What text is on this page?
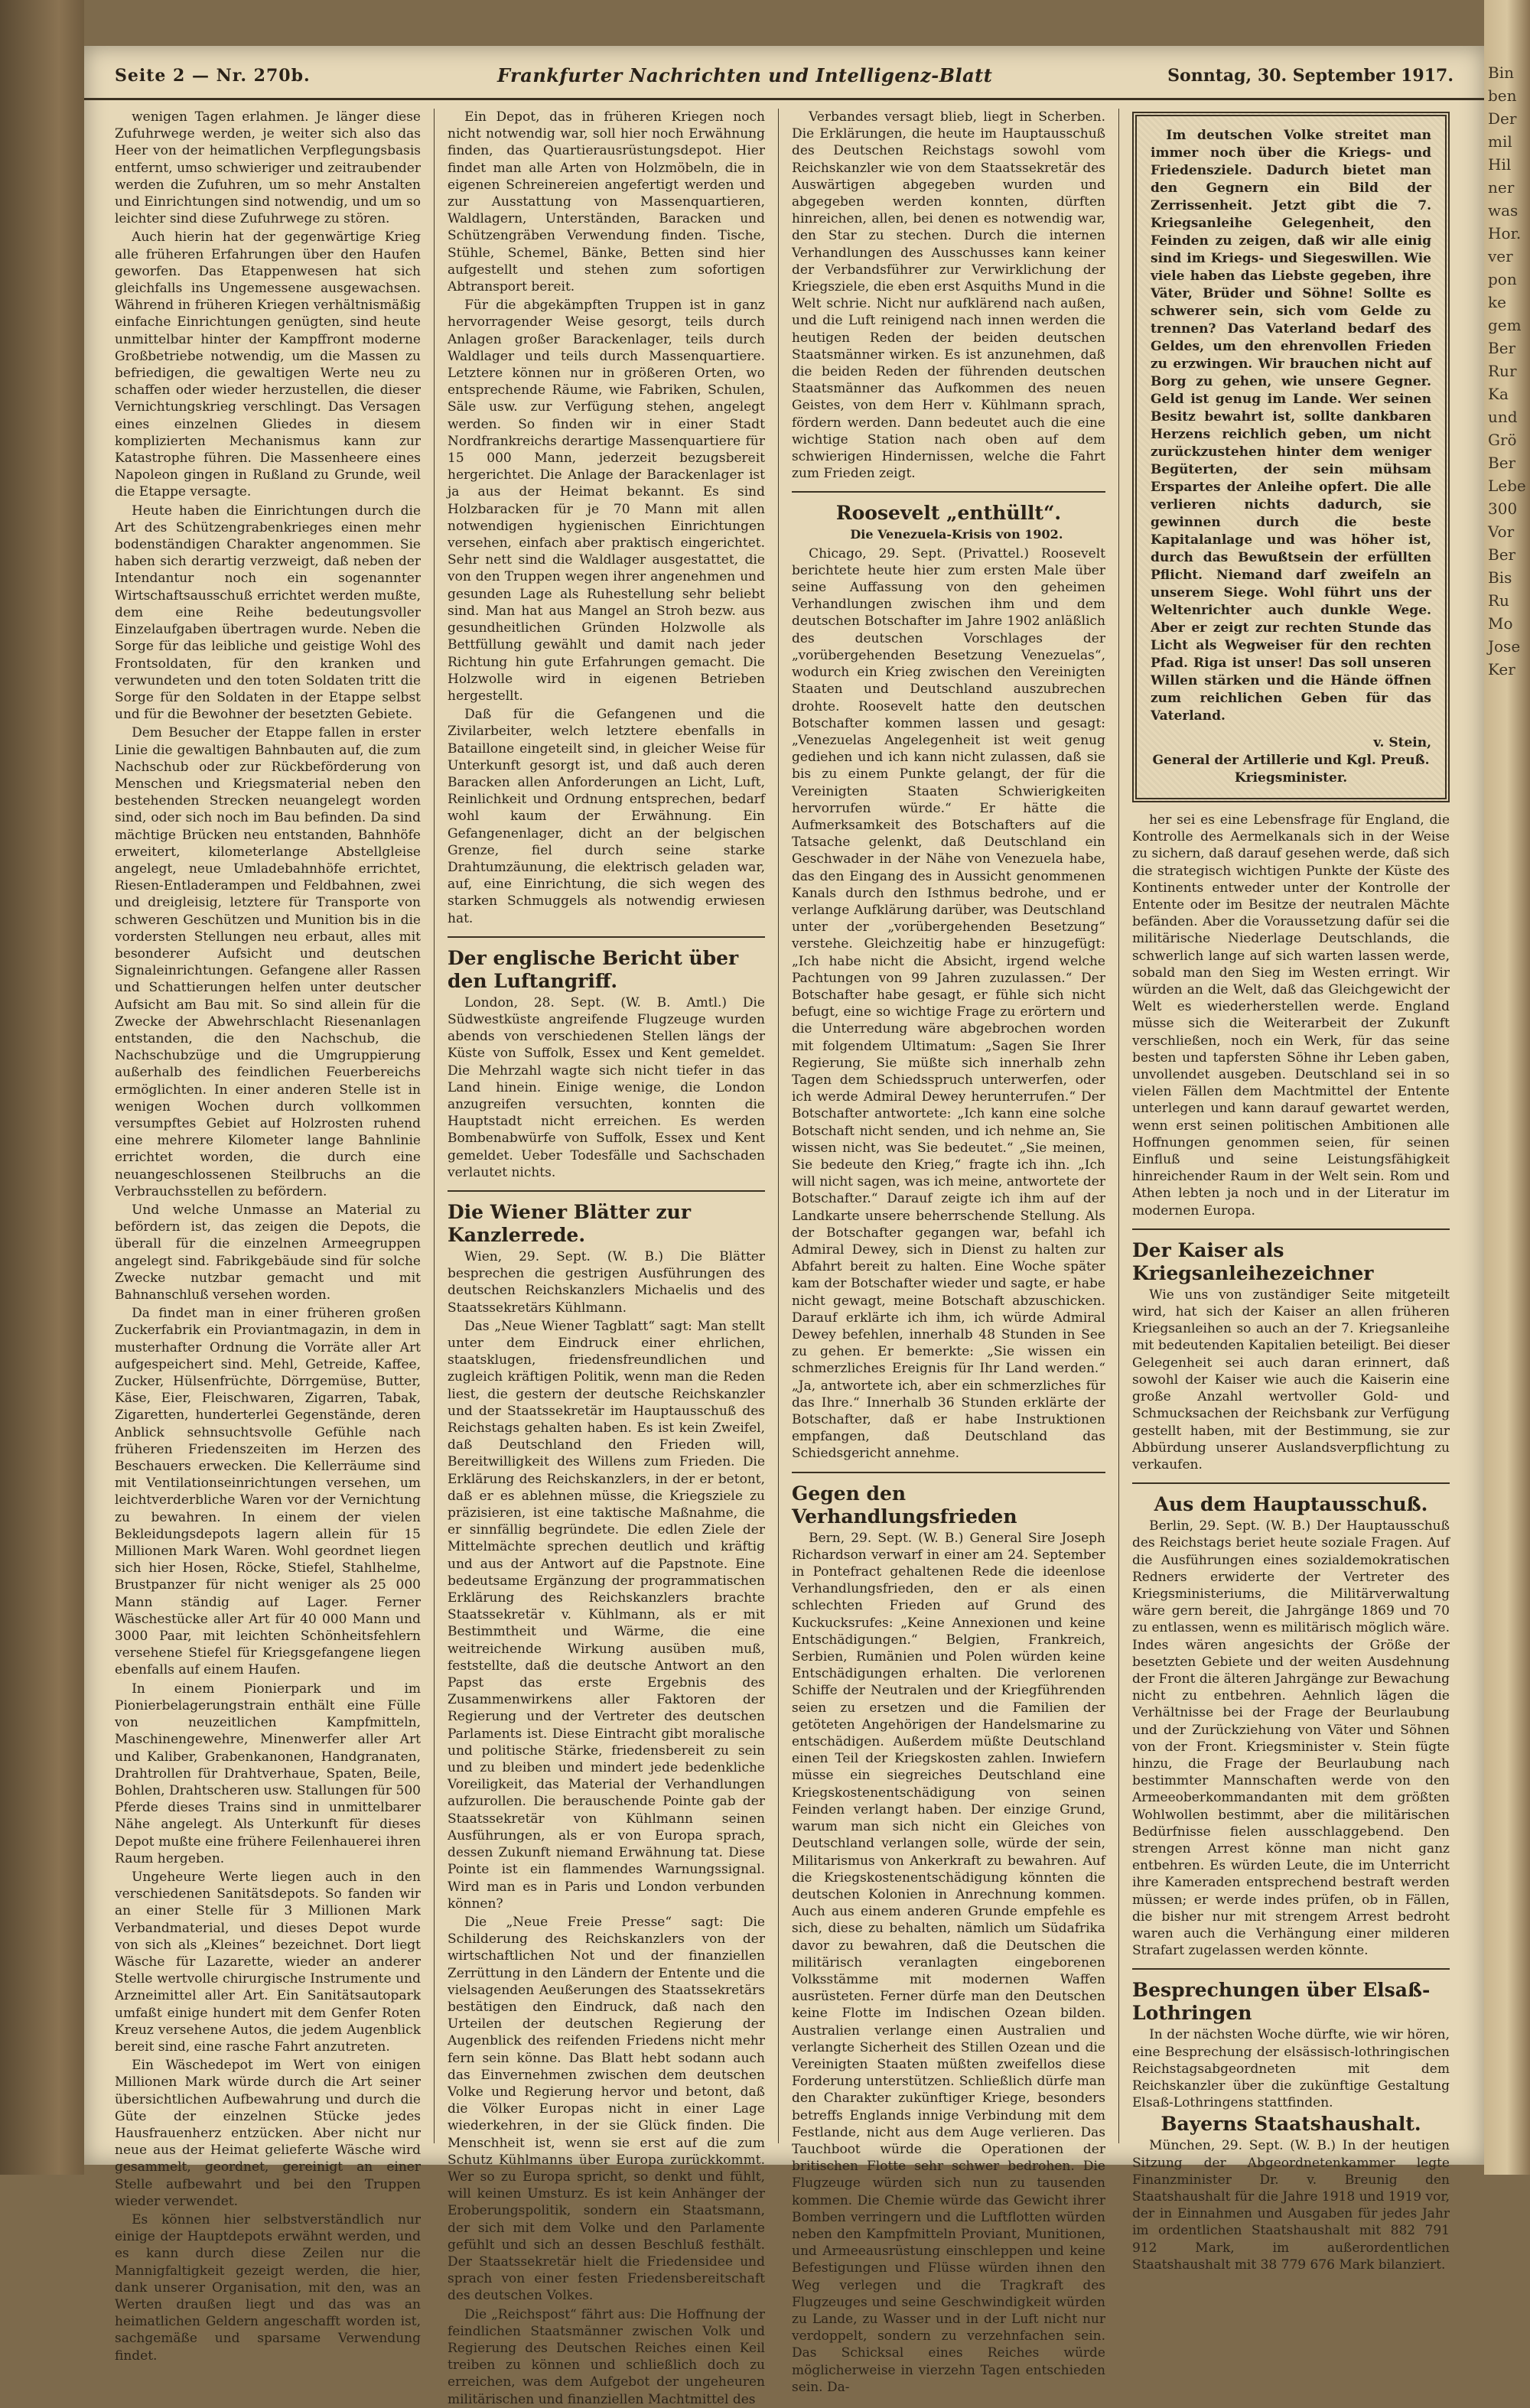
Seite 2 — Nr. 270b.	Frankfurter Nachrichten und Intelligenz-Blatt	Sonntag, 30. September 1917.

wenigen Tagen erlahmen. Je länger diese Zufuhrwege werden, je weiter sich also das Heer von der heimatlichen Verpflegungsbasis entfernt, umso schwieriger und zeitraubender werden die Zufuhren, um so mehr Anstalten und Einrichtungen sind notwendig, und um so leichter sind diese Zufuhrwege zu stören.

Auch hierin hat der gegenwärtige Krieg alle früheren Erfahrungen über den Haufen geworfen. Das Etappenwesen hat sich gleichfalls ins Ungemessene ausgewachsen. Während in früheren Kriegen verhältnismäßig einfache Einrichtungen genügten, sind heute unmittelbar hinter der Kampffront moderne Großbetriebe notwendig, um die Massen zu befriedigen, die gewaltigen Werte neu zu schaffen oder wieder herzustellen, die dieser Vernichtungskrieg verschlingt. Das Versagen eines einzelnen Gliedes in diesem komplizierten Mechanismus kann zur Katastrophe führen. Die Massenheere eines Napoleon gingen in Rußland zu Grunde, weil die Etappe versagte.

Heute haben die Einrichtungen durch die Art des Schützengrabenkrieges einen mehr bodenständigen Charakter angenommen. Sie haben sich derartig verzweigt, daß neben der Intendantur noch ein sogenannter Wirtschaftsausschuß errichtet werden mußte, dem eine Reihe bedeutungsvoller Einzelaufgaben übertragen wurde. Neben die Sorge für das leibliche und geistige Wohl des Frontsoldaten, für den kranken und verwundeten und den toten Soldaten tritt die Sorge für den Soldaten in der Etappe selbst und für die Bewohner der besetzten Gebiete.

Dem Besucher der Etappe fallen in erster Linie die gewaltigen Bahnbauten auf, die zum Nachschub oder zur Rückbeförderung von Menschen und Kriegsmaterial neben den bestehenden Strecken neuangelegt worden sind, oder sich noch im Bau befinden. Da sind mächtige Brücken neu entstanden, Bahnhöfe erweitert, kilometerlange Abstellgleise angelegt, neue Umladebahnhöfe errichtet, Riesen-Entladerampen und Feldbahnen, zwei und dreigleisig, letztere für Transporte von schweren Geschützen und Munition bis in die vordersten Stellungen neu erbaut, alles mit besonderer Aufsicht und deutschen Signaleinrichtungen. Gefangene aller Rassen und Schattierungen helfen unter deutscher Aufsicht am Bau mit. So sind allein für die Zwecke der Abwehrschlacht Riesenanlagen entstanden, die den Nachschub, die Nachschubzüge und die Umgruppierung außerhalb des feindlichen Feuerbereichs ermöglichten. In einer anderen Stelle ist in wenigen Wochen durch vollkommen versumpftes Gebiet auf Holzrosten ruhend eine mehrere Kilometer lange Bahnlinie errichtet worden, die durch eine neuangeschlossenen Steilbruchs an die Verbrauchsstellen zu befördern.

Und welche Unmasse an Material zu befördern ist, das zeigen die Depots, die überall für die einzelnen Armeegruppen angelegt sind. Fabrikgebäude sind für solche Zwecke nutzbar gemacht und mit Bahnanschluß versehen worden.

Da findet man in einer früheren großen Zuckerfabrik ein Proviantmagazin, in dem in musterhafter Ordnung die Vorräte aller Art aufgespeichert sind. Mehl, Getreide, Kaffee, Zucker, Hülsenfrüchte, Dörrgemüse, Butter, Käse, Eier, Fleischwaren, Zigarren, Tabak, Zigaretten, hunderterlei Gegenstände, deren Anblick sehnsuchtsvolle Gefühle nach früheren Friedenszeiten im Herzen des Beschauers erwecken. Die Kellerräume sind mit Ventilationseinrichtungen versehen, um leichtverderbliche Waren vor der Vernichtung zu bewahren. In einem der vielen Bekleidungsdepots lagern allein für 15 Millionen Mark Waren. Wohl geordnet liegen sich hier Hosen, Röcke, Stiefel, Stahlhelme, Brustpanzer für nicht weniger als 25 000 Mann ständig auf Lager. Ferner Wäschestücke aller Art für 40 000 Mann und 3000 Paar, mit leichten Schönheitsfehlern versehene Stiefel für Kriegsgefangene liegen ebenfalls auf einem Haufen.

In einem Pionierpark und im Pionierbelagerungstrain enthält eine Fülle von neuzeitlichen Kampfmitteln, Maschinengewehre, Minenwerfer aller Art und Kaliber, Grabenkanonen, Handgranaten, Drahtrollen für Drahtverhaue, Spaten, Beile, Bohlen, Drahtscheren usw. Stallungen für 500 Pferde dieses Trains sind in unmittelbarer Nähe angelegt. Als Unterkunft für dieses Depot mußte eine frühere Feilenhauerei ihren Raum hergeben.

Ungeheure Werte liegen auch in den verschiedenen Sanitätsdepots. So fanden wir an einer Stelle für 3 Millionen Mark Verbandmaterial, und dieses Depot wurde von sich als „Kleines“ bezeichnet. Dort liegt Wäsche für Lazarette, wieder an anderer Stelle wertvolle chirurgische Instrumente und Arzneimittel aller Art. Ein Sanitätsautopark umfaßt einige hundert mit dem Genfer Roten Kreuz versehene Autos, die jedem Augenblick bereit sind, eine rasche Fahrt anzutreten.

Ein Wäschedepot im Wert von einigen Millionen Mark würde durch die Art seiner übersichtlichen Aufbewahrung und durch die Güte der einzelnen Stücke jedes Hausfrauenherz entzücken. Aber nicht nur neue aus der Heimat gelieferte Wäsche wird gesammelt, geordnet, gereinigt an einer Stelle aufbewahrt und bei den Truppen wieder verwendet.

Es können hier selbstverständlich nur einige der Hauptdepots erwähnt werden, und es kann durch diese Zeilen nur die Mannigfaltigkeit gezeigt werden, die hier, dank unserer Organisation, mit den, was an Werten draußen liegt und das was an heimatlichen Geldern angeschafft worden ist, sachgemäße und sparsame Verwendung findet.

Ein Depot, das in früheren Kriegen noch nicht notwendig war, soll hier noch Erwähnung finden, das Quartierausrüstungsdepot. Hier findet man alle Arten von Holzmöbeln, die in eigenen Schreinereien angefertigt werden und zur Ausstattung von Massenquartieren, Waldlagern, Unterständen, Baracken und Schützengräben Verwendung finden. Tische, Stühle, Schemel, Bänke, Betten sind hier aufgestellt und stehen zum sofortigen Abtransport bereit.

Für die abgekämpften Truppen ist in ganz hervorragender Weise gesorgt, teils durch Anlagen großer Barackenlager, teils durch Waldlager und teils durch Massenquartiere. Letztere können nur in größeren Orten, wo entsprechende Räume, wie Fabriken, Schulen, Säle usw. zur Verfügung stehen, angelegt werden. So finden wir in einer Stadt Nordfrankreichs derartige Massenquartiere für 15 000 Mann, jederzeit bezugsbereit hergerichtet. Die Anlage der Barackenlager ist ja aus der Heimat bekannt. Es sind Holzbaracken für je 70 Mann mit allen notwendigen hygienischen Einrichtungen versehen, einfach aber praktisch eingerichtet. Sehr nett sind die Waldlager ausgestattet, die von den Truppen wegen ihrer angenehmen und gesunden Lage als Ruhestellung sehr beliebt sind. Man hat aus Mangel an Stroh bezw. aus gesundheitlichen Gründen Holzwolle als Bettfüllung gewählt und damit nach jeder Richtung hin gute Erfahrungen gemacht. Die Holzwolle wird in eigenen Betrieben hergestellt.

Daß für die Gefangenen und die Zivilarbeiter, welch letztere ebenfalls in Bataillone eingeteilt sind, in gleicher Weise für Unterkunft gesorgt ist, und daß auch deren Baracken allen Anforderungen an Licht, Luft, Reinlichkeit und Ordnung entsprechen, bedarf wohl kaum der Erwähnung. Ein Gefangenenlager, dicht an der belgischen Grenze, fiel durch seine starke Drahtumzäunung, die elektrisch geladen war, auf, eine Einrichtung, die sich wegen des starken Schmuggels als notwendig erwiesen hat.

Der englische Bericht über den Luftangriff.

London, 28. Sept. (W. B. Amtl.) Die Südwestküste angreifende Flugzeuge wurden abends von verschiedenen Stellen längs der Küste von Suffolk, Essex und Kent gemeldet. Die Mehrzahl wagte sich nicht tiefer in das Land hinein. Einige wenige, die London anzugreifen versuchten, konnten die Hauptstadt nicht erreichen. Es werden Bombenabwürfe von Suffolk, Essex und Kent gemeldet. Ueber Todesfälle und Sachschaden verlautet nichts.

Die Wiener Blätter zur Kanzlerrede.

Wien, 29. Sept. (W. B.) Die Blätter besprechen die gestrigen Ausführungen des deutschen Reichskanzlers Michaelis und des Staatssekretärs Kühlmann.

Das „Neue Wiener Tagblatt“ sagt: Man stellt unter dem Eindruck einer ehrlichen, staatsklugen, friedensfreundlichen und zugleich kräftigen Politik, wenn man die Reden liest, die gestern der deutsche Reichskanzler und der Staatssekretär im Hauptausschuß des Reichstags gehalten haben. Es ist kein Zweifel, daß Deutschland den Frieden will, Bereitwilligkeit des Willens zum Frieden. Die Erklärung des Reichskanzlers, in der er betont, daß er es ablehnen müsse, die Kriegsziele zu präzisieren, ist eine taktische Maßnahme, die er sinnfällig begründete. Die edlen Ziele der Mittelmächte sprechen deutlich und kräftig und aus der Antwort auf die Papstnote. Eine bedeutsame Ergänzung der programmatischen Erklärung des Reichskanzlers brachte Staatssekretär v. Kühlmann, als er mit Bestimmtheit und Wärme, die eine weitreichende Wirkung ausüben muß, feststellte, daß die deutsche Antwort an den Papst das erste Ergebnis des Zusammenwirkens aller Faktoren der Regierung und der Vertreter des deutschen Parlaments ist. Diese Eintracht gibt moralische und politische Stärke, friedensbereit zu sein und zu bleiben und mindert jede bedenkliche Voreiligkeit, das Material der Verhandlungen aufzurollen. Die berauschende Pointe gab der Staatssekretär von Kühlmann seinen Ausführungen, als er von Europa sprach, dessen Zukunft niemand Erwähnung tat. Diese Pointe ist ein flammendes Warnungssignal. Wird man es in Paris und London verbunden können?

Die „Neue Freie Presse“ sagt: Die Schilderung des Reichskanzlers von der wirtschaftlichen Not und der finanziellen Zerrüttung in den Ländern der Entente und die vielsagenden Aeußerungen des Staatssekretärs bestätigen den Eindruck, daß nach den Urteilen der deutschen Regierung der Augenblick des reifenden Friedens nicht mehr fern sein könne. Das Blatt hebt sodann auch das Einvernehmen zwischen dem deutschen Volke und Regierung hervor und betont, daß die Völker Europas nicht in einer Lage wiederkehren, in der sie Glück finden. Die Menschheit ist, wenn sie erst auf die zum Schutz Kühlmanns über Europa zurückkommt. Wer so zu Europa spricht, so denkt und fühlt, will keinen Umsturz. Es ist kein Anhänger der Eroberungspolitik, sondern ein Staatsmann, der sich mit dem Volke und den Parlamente gefühlt und sich an dessen Beschluß festhält. Der Staatssekretär hielt die Friedensidee und sprach von einer festen Friedensbereitschaft des deutschen Volkes.

Die „Reichspost“ fährt aus: Die Hoffnung der feindlichen Staatsmänner zwischen Volk und Regierung des Deutschen Reiches einen Keil treiben zu können und schließlich doch zu erreichen, was dem Aufgebot der ungeheuren militärischen und finanziellen Machtmittel des

Verbandes versagt blieb, liegt in Scherben. Die Erklärungen, die heute im Hauptausschuß des Deutschen Reichstags sowohl vom Reichskanzler wie von dem Staatssekretär des Auswärtigen abgegeben wurden und abgegeben werden konnten, dürften hinreichen, allen, bei denen es notwendig war, den Star zu stechen. Durch die internen Verhandlungen des Ausschusses kann keiner der Verbandsführer zur Verwirklichung der Kriegsziele, die eben erst Asquiths Mund in die Welt schrie. Nicht nur aufklärend nach außen, und die Luft reinigend nach innen werden die heutigen Reden der beiden deutschen Staatsmänner wirken. Es ist anzunehmen, daß die beiden Reden der führenden deutschen Staatsmänner das Aufkommen des neuen Geistes, von dem Herr v. Kühlmann sprach, fördern werden. Dann bedeutet auch die eine wichtige Station nach oben auf dem schwierigen Hindernissen, welche die Fahrt zum Frieden zeigt.

Roosevelt „enthüllt“.

Die Venezuela-Krisis von 1902.

Chicago, 29. Sept. (Privattel.) Roosevelt berichtete heute hier zum ersten Male über seine Auffassung von den geheimen Verhandlungen zwischen ihm und dem deutschen Botschafter im Jahre 1902 anläßlich des deutschen Vorschlages der „vorübergehenden Besetzung Venezuelas“, wodurch ein Krieg zwischen den Vereinigten Staaten und Deutschland auszubrechen drohte. Roosevelt hatte den deutschen Botschafter kommen lassen und gesagt: „Venezuelas Angelegenheit ist weit genug gediehen und ich kann nicht zulassen, daß sie bis zu einem Punkte gelangt, der für die Vereinigten Staaten Schwierigkeiten hervorrufen würde.“ Er hätte die Aufmerksamkeit des Botschafters auf die Tatsache gelenkt, daß Deutschland ein Geschwader in der Nähe von Venezuela habe, das den Eingang des in Aussicht genommenen Kanals durch den Isthmus bedrohe, und er verlange Aufklärung darüber, was Deutschland unter der „vorübergehenden Besetzung“ verstehe. Gleichzeitig habe er hinzugefügt: „Ich habe nicht die Absicht, irgend welche Pachtungen von 99 Jahren zuzulassen.“ Der Botschafter habe gesagt, er fühle sich nicht befugt, eine so wichtige Frage zu erörtern und die Unterredung wäre abgebrochen worden mit folgendem Ultimatum: „Sagen Sie Ihrer Regierung, Sie müßte sich innerhalb zehn Tagen dem Schiedsspruch unterwerfen, oder ich werde Admiral Dewey herunterrufen.“ Der Botschafter antwortete: „Ich kann eine solche Botschaft nicht senden, und ich nehme an, Sie wissen nicht, was Sie bedeutet.“ „Sie meinen, Sie bedeute den Krieg,“ fragte ich ihn. „Ich will nicht sagen, was ich meine, antwortete der Botschafter.“ Darauf zeigte ich ihm auf der Landkarte unsere beherrschende Stellung. Als der Botschafter gegangen war, befahl ich Admiral Dewey, sich in Dienst zu halten zur Abfahrt bereit zu halten. Eine Woche später kam der Botschafter wieder und sagte, er habe nicht gewagt, meine Botschaft abzuschicken. Darauf erklärte ich ihm, ich würde Admiral Dewey befehlen, innerhalb 48 Stunden in See zu gehen. Er bemerkte: „Sie wissen ein schmerzliches Ereignis für Ihr Land werden.“ „Ja, antwortete ich, aber ein schmerzliches für das Ihre.“ Innerhalb 36 Stunden erklärte der Botschafter, daß er habe Instruktionen empfangen, daß Deutschland das Schiedsgericht annehme.

Gegen den Verhandlungsfrieden

Bern, 29. Sept. (W. B.) General Sire Joseph Richardson verwarf in einer am 24. September in Pontefract gehaltenen Rede die ideenlose Verhandlungsfrieden, den er als einen schlechten Frieden auf Grund des Kuckucksrufes: „Keine Annexionen und keine Entschädigungen.“ Belgien, Frankreich, Serbien, Rumänien und Polen würden keine Entschädigungen erhalten. Die verlorenen Schiffe der Neutralen und der Kriegführenden seien zu ersetzen und die Familien der getöteten Angehörigen der Handelsmarine zu entschädigen. Außerdem müßte Deutschland einen Teil der Kriegskosten zahlen. Inwiefern müsse ein siegreiches Deutschland eine Kriegskostenentschädigung von seinen Feinden verlangt haben. Der einzige Grund, warum man sich nicht ein Gleiches von Deutschland verlangen solle, würde der sein, Militarismus von Ankerkraft zu bewahren. Auf die Kriegskostenentschädigung könnten die deutschen Kolonien in Anrechnung kommen. Auch aus einem anderen Grunde empfehle es sich, diese zu behalten, nämlich um Südafrika davor zu bewahren, daß die Deutschen die militärisch veranlagten eingeborenen Volksstämme mit modernen Waffen ausrüsteten. Ferner dürfe man den Deutschen keine Flotte im Indischen Ozean bilden. Australien verlange einen Australien und verlangte Sicherheit des Stillen Ozean und die Vereinigten Staaten müßten zweifellos diese Forderung unterstützen. Schließlich dürfe man den Charakter zukünftiger Kriege, besonders betreffs Englands innige Verbindung mit dem Festlande, nicht aus dem Auge verlieren. Das Tauchboot würde die Operationen der britischen Flotte sehr schwer bedrohen. Die Flugzeuge würden sich nun zu tausenden kommen. Die Chemie würde das Gewicht ihrer Bomben verringern und die Luftflotten würden neben den Kampfmitteln Proviant, Munitionen, und Armeeausrüstung einschleppen und keine Befestigungen und Flüsse würden ihnen den Weg verlegen und die Tragkraft des Flugzeuges und seine Geschwindigkeit würden zu Lande, zu Wasser und in der Luft nicht nur verdoppelt, sondern zu verzehnfachen sein. Das Schicksal eines Reiches würde möglicherweise in vierzehn Tagen entschieden sein. Da-

Im deutschen Volke streitet man immer noch über die Kriegs- und Friedensziele. Dadurch bietet man den Gegnern ein Bild der Zerrissenheit. Jetzt gibt die 7. Kriegsanleihe Gelegenheit, den Feinden zu zeigen, daß wir alle einig sind im Kriegs- und Siegeswillen. Wie viele haben das Liebste gegeben, ihre Väter, Brüder und Söhne! Sollte es schwerer sein, sich vom Gelde zu trennen? Das Vaterland bedarf des Geldes, um den ehrenvollen Frieden zu erzwingen. Wir brauchen nicht auf Borg zu gehen, wie unsere Gegner. Geld ist genug im Lande. Wer seinen Besitz bewahrt ist, sollte dankbaren Herzens reichlich geben, um nicht zurückzustehen hinter dem weniger Begüterten, der sein mühsam Erspartes der Anleihe opfert. Die alle verlieren nichts dadurch, sie gewinnen durch die beste Kapitalanlage und was höher ist, durch das Bewußtsein der erfüllten Pflicht. Niemand darf zweifeln an unserem Siege. Wohl führt uns der Weltenrichter auch dunkle Wege. Aber er zeigt zur rechten Stunde das Licht als Wegweiser für den rechten Pfad. Riga ist unser! Das soll unseren Willen stärken und die Hände öffnen zum reichlichen Geben für das Vaterland.

v. Stein,
General der Artillerie und Kgl. Preuß. Kriegsminister.

her sei es eine Lebensfrage für England, die Kontrolle des Aermelkanals sich in der Weise zu sichern, daß darauf gesehen werde, daß sich die strategisch wichtigen Punkte der Küste des Kontinents entweder unter der Kontrolle der Entente oder im Besitze der neutralen Mächte befänden. Aber die Voraussetzung dafür sei die militärische Niederlage Deutschlands, die schwerlich lange auf sich warten lassen werde, sobald man den Sieg im Westen erringt. Wir würden an die Welt, daß das Gleichgewicht der Welt es wiederherstellen werde. England müsse sich die Weiterarbeit der Zukunft verschließen, noch ein Werk, für das seine besten und tapfersten Söhne ihr Leben gaben, unvollendet ausgeben. Deutschland sei in so vielen Fällen dem Machtmittel der Entente unterlegen und kann darauf gewartet werden, wenn erst seinen politischen Ambitionen alle Hoffnungen genommen seien, für seinen Einfluß und seine Leistungsfähigkeit hinreichender Raum in der Welt sein. Rom und Athen lebten ja noch und in der Literatur im modernen Europa.

Der Kaiser als Kriegsanleihezeichner

Wie uns von zuständiger Seite mitgeteilt wird, hat sich der Kaiser an allen früheren Kriegsanleihen so auch an der 7. Kriegsanleihe mit bedeutenden Kapitalien beteiligt. Bei dieser Gelegenheit sei auch daran erinnert, daß sowohl der Kaiser wie auch die Kaiserin eine große Anzahl wertvoller Gold- und Schmucksachen der Reichsbank zur Verfügung gestellt haben, mit der Bestimmung, sie zur Abbürdung unserer Auslandsverpflichtung zu verkaufen.

Aus dem Hauptausschuß.

Berlin, 29. Sept. (W. B.) Der Hauptausschuß des Reichstags beriet heute soziale Fragen. Auf die Ausführungen eines sozialdemokratischen Redners erwiderte der Vertreter des Kriegsministeriums, die Militärverwaltung wäre gern bereit, die Jahrgänge 1869 und 70 zu entlassen, wenn es militärisch möglich wäre. Indes wären angesichts der Größe der besetzten Gebiete und der weiten Ausdehnung der Front die älteren Jahrgänge zur Bewachung nicht zu entbehren. Aehnlich lägen die Verhältnisse bei der Frage der Beurlaubung und der Zurückziehung von Väter und Söhnen von der Front. Kriegsminister v. Stein fügte hinzu, die Frage der Beurlaubung nach bestimmter Mannschaften werde von den Armeeoberkommandanten mit dem größten Wohlwollen bestimmt, aber die militärischen Bedürfnisse fielen ausschlaggebend. Den strengen Arrest könne man nicht ganz entbehren. Es würden Leute, die im Unterricht ihre Kameraden entsprechend bestraft werden müssen; er werde indes prüfen, ob in Fällen, die bisher nur mit strengem Arrest bedroht waren auch die Verhängung einer milderen Strafart zugelassen werden könnte.

Besprechungen über Elsaß-Lothringen

In der nächsten Woche dürfte, wie wir hören, eine Besprechung der elsässisch-lothringischen Reichstagsabgeordneten mit dem Reichskanzler über die zukünftige Gestaltung Elsaß-Lothringens stattfinden.

Bayerns Staatshaushalt.

München, 29. Sept. (W. B.) In der heutigen Sitzung der Abgeordnetenkammer legte Finanzminister Dr. v. Breunig den Staatshaushalt für die Jahre 1918 und 1919 vor, der in Einnahmen und Ausgaben für jedes Jahr im ordentlichen Staatshaushalt mit 882 791 912 Mark, im außerordentlichen Staatshaushalt mit 38 779 676 Mark bilanziert.

Bin ben Der mil Hil ner was Hor. ver pon ke gem Ber Rur Ka und Grö Ber Lebe 300 Vor Ber Bis Ru Mo Jose Ker
